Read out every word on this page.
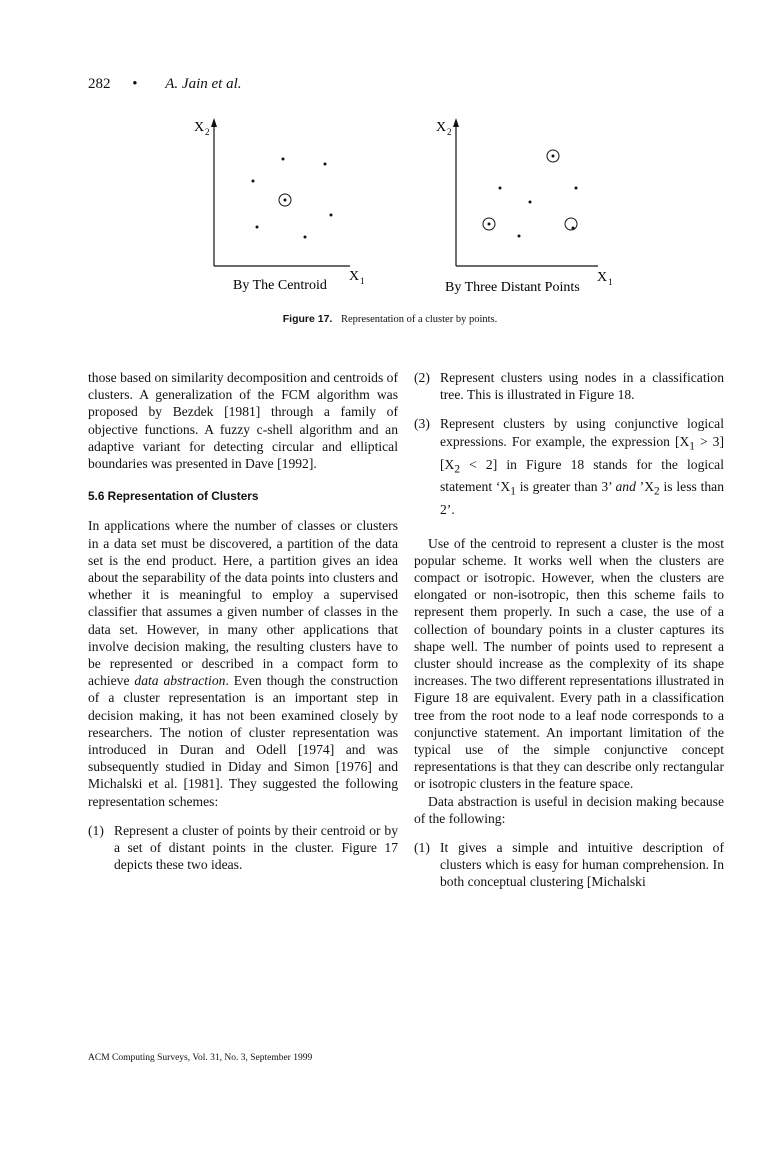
282 • A. Jain et al.
X 2
X 1
By The Centroid
X 2
X 1
By Three Distant Points
Figure 17. Representation of a cluster by points.

those based on similarity decomposition and centroids of clusters. A generalization of the FCM algorithm was proposed by Bezdek [1981] through a family of objective functions. A fuzzy c-shell algorithm and an adaptive variant for detecting circular and elliptical boundaries was presented in Dave [1992].

5.6 Representation of Clusters

In applications where the number of classes or clusters in a data set must be discovered, a partition of the data set is the end product. Here, a partition gives an idea about the separability of the data points into clusters and whether it is meaningful to employ a supervised classifier that assumes a given number of classes in the data set. However, in many other applications that involve decision making, the resulting clusters have to be represented or described in a compact form to achieve data abstraction. Even though the construction of a cluster representation is an important step in decision making, it has not been examined closely by researchers. The notion of cluster representation was introduced in Duran and Odell [1974] and was subsequently studied in Diday and Simon [1976] and Michalski et al. [1981]. They suggested the following representation schemes:

(1) Represent a cluster of points by their centroid or by a set of distant points in the cluster. Figure 17 depicts these two ideas.
(2) Represent clusters using nodes in a classification tree. This is illustrated in Figure 18.
(3) Represent clusters by using conjunctive logical expressions. For example, the expression $[X_1 > 3][X_2 < 2]$ in Figure 18 stands for the logical statement ‘$X_1$ is greater than 3’ and $’X_2$ is less than 2’.

Use of the centroid to represent a cluster is the most popular scheme. It works well when the clusters are compact or isotropic. However, when the clusters are elongated or non-isotropic, then this scheme fails to represent them properly. In such a case, the use of a collection of boundary points in a cluster captures its shape well. The number of points used to represent a cluster should increase as the complexity of its shape increases. The two different representations illustrated in Figure 18 are equivalent. Every path in a classification tree from the root node to a leaf node corresponds to a conjunctive statement. An important limitation of the typical use of the simple conjunctive concept representations is that they can describe only rectangular or isotropic clusters in the feature space.

Data abstraction is useful in decision making because of the following:

(1) It gives a simple and intuitive description of clusters which is easy for human comprehension. In both conceptual clustering [Michalski
ACM Computing Surveys, Vol. 31, No. 3, September 1999
